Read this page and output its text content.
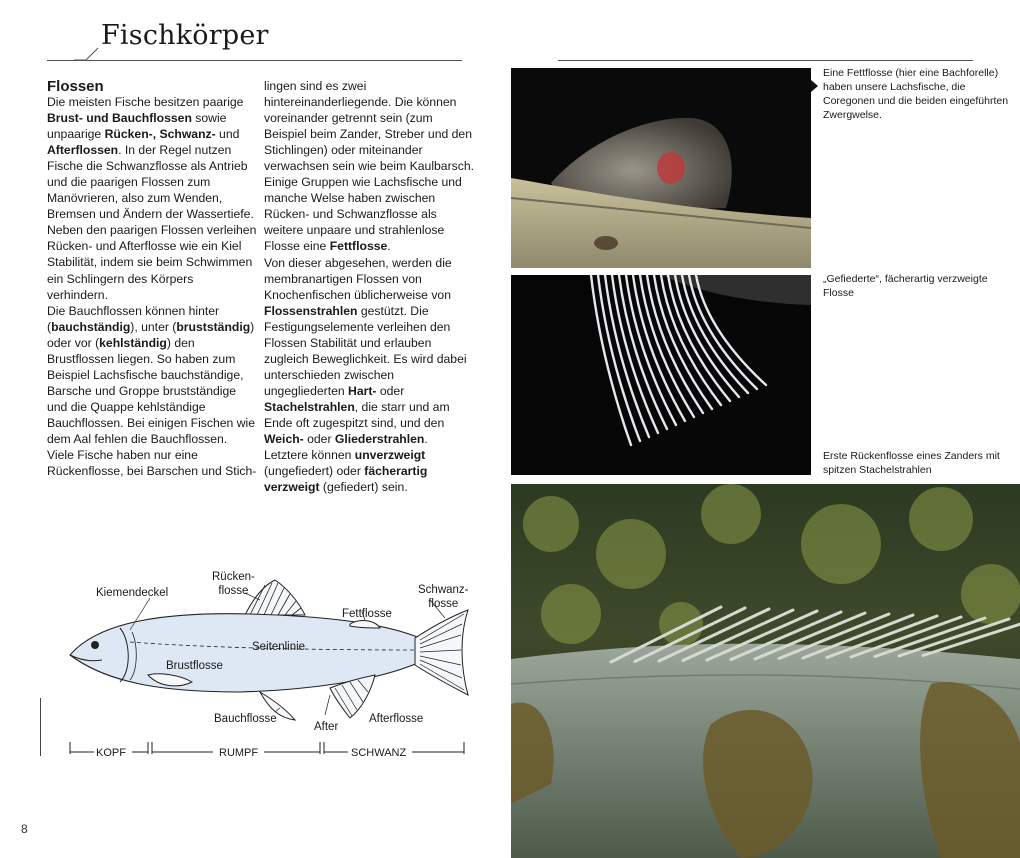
Fischkörper
Flossen

Die meisten Fische besitzen paarige Brust- und Bauchflossen sowie unpaarige Rücken-, Schwanz- und Afterflossen. In der Regel nutzen Fische die Schwanzflosse als Antrieb und die paarigen Flossen zum Manövrieren, also zum Wenden, Bremsen und Ändern der Wassertiefe. Neben den paarigen Flossen verleihen Rücken- und Afterflosse wie ein Kiel Stabilität, indem sie beim Schwimmen ein Schlingern des Körpers verhindern.
Die Bauchflossen können hinter (bauchständig), unter (brustständig) oder vor (kehlständig) den Brustflossen liegen. So haben zum Beispiel Lachsfische bauchständige, Barsche und Groppe brustständige und die Quappe kehlständige Bauchflossen. Bei einigen Fischen wie dem Aal fehlen die Bauchflossen. Viele Fische haben nur eine Rückenflosse, bei Barschen und Stich-

lingen sind es zwei hintereinanderliegende. Die können voreinander getrennt sein (zum Beispiel beim Zander, Streber und den Stichlingen) oder miteinander verwachsen sein wie beim Kaulbarsch. Einige Gruppen wie Lachsfische und manche Welse haben zwischen Rücken- und Schwanzflosse als weitere unpaare und strahlenlose Flosse eine Fettflosse.
Von dieser abgesehen, werden die membranartigen Flossen von Knochenfischen üblicherweise von Flossenstrahlen gestützt. Die Festigungselemente verleihen den Flossen Stabilität und erlauben zugleich Beweglichkeit. Es wird dabei unterschieden zwischen ungegliederten Hart- oder Stachelstrahlen, die starr und am Ende oft zugespitzt sind, und den Weich- oder Gliederstrahlen. Letztere können unverzweigt (ungefiedert) oder fächerartig verzweigt (gefiedert) sein.

Eine Fettflosse (hier eine Bachforelle) haben unsere Lachsfische, die Coregonen und die beiden eingeführten Zwergwelse.
„Gefiederte“, fächerartig verzweigte Flosse
Erste Rückenflosse eines Zanders mit spitzen Stachelstrahlen
Kiemendeckel
Rücken-
flosse
Fettflosse
Schwanz-
flosse
Seitenlinie
Brustflosse
Bauchflosse
After
Afterflosse
KOPF	RUMPF	SCHWANZ
8
